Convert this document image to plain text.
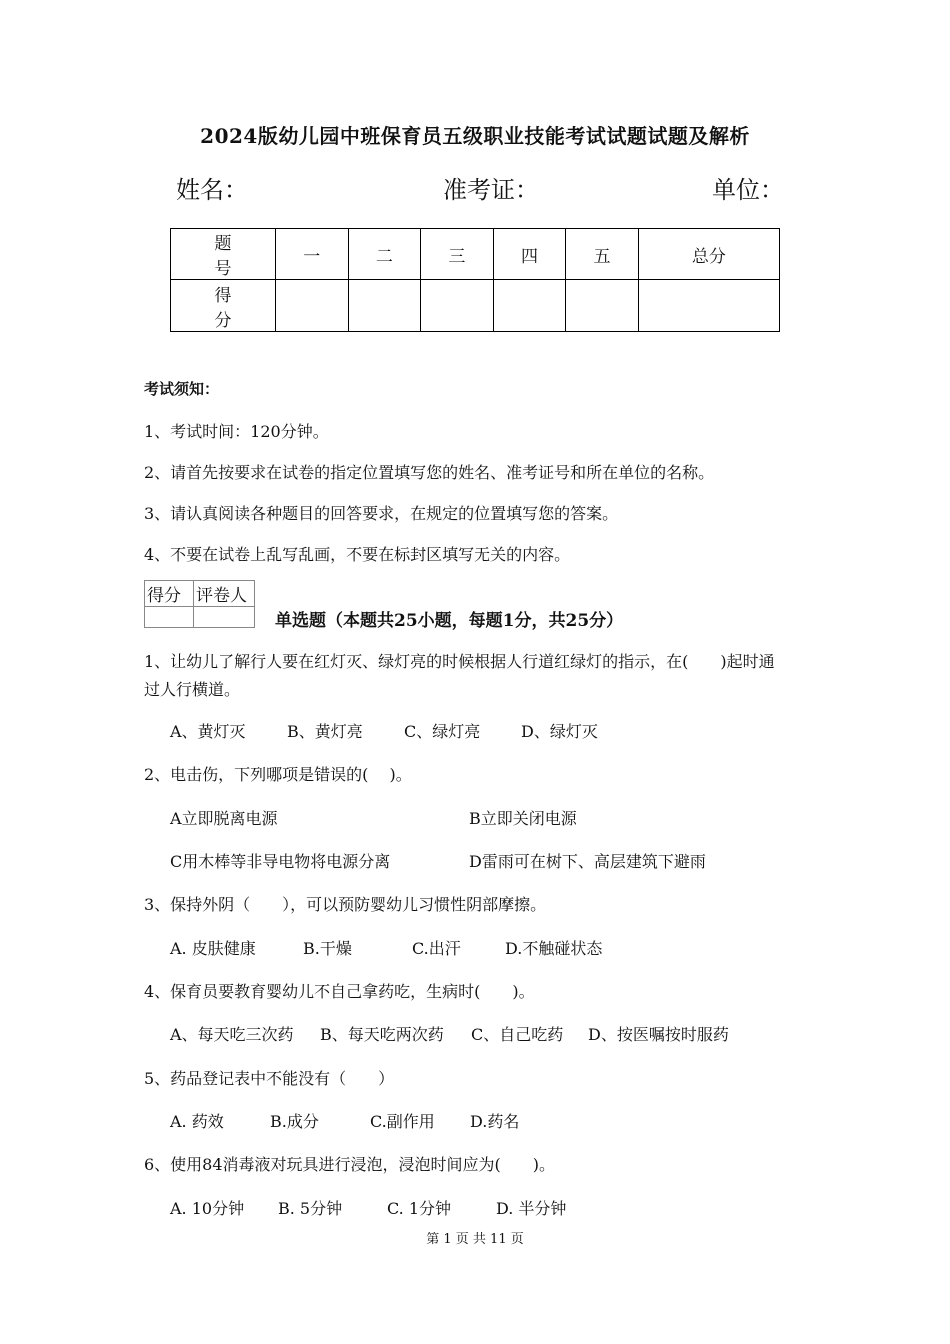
2024版幼儿园中班保育员五级职业技能考试试题试题及解析
姓名：	准考证：	单位：
题　号	一	二	三	四	五	总分
得　分						
考试须知：
1、考试时间：120分钟。
2、请首先按要求在试卷的指定位置填写您的姓名、准考证号和所在单位的名称。
3、请认真阅读各种题目的回答要求，在规定的位置填写您的答案。
4、不要在试卷上乱写乱画，不要在标封区填写无关的内容。
得分	评卷人

单选题（本题共25小题，每题1分，共25分）
1、让幼儿了解行人要在红灯灭、绿灯亮的时候根据人行道红绿灯的指示，在(　　)起时通
过人行横道。
A、黄灯灭	B、黄灯亮	C、绿灯亮	D、绿灯灭
2、电击伤，下列哪项是错误的(　 )。
A立即脱离电源	B立即关闭电源
C用木棒等非导电物将电源分离	D雷雨可在树下、高层建筑下避雨
3、保持外阴（　　），可以预防婴幼儿习惯性阴部摩擦。
A. 皮肤健康	B.干燥	C.出汗	D.不触碰状态
4、保育员要教育婴幼儿不自己拿药吃，生病时(　　)。
A、每天吃三次药 B、每天吃两次药 C、自己吃药 D、按医嘱按时服药
5、药品登记表中不能没有（　　）
A. 药效	B.成分	C.副作用 D.药名
6、使用84消毒液对玩具进行浸泡，浸泡时间应为(　　)。
A. 10分钟 B. 5分钟	C. 1分钟	D. 半分钟
第 1 页 共 11 页
